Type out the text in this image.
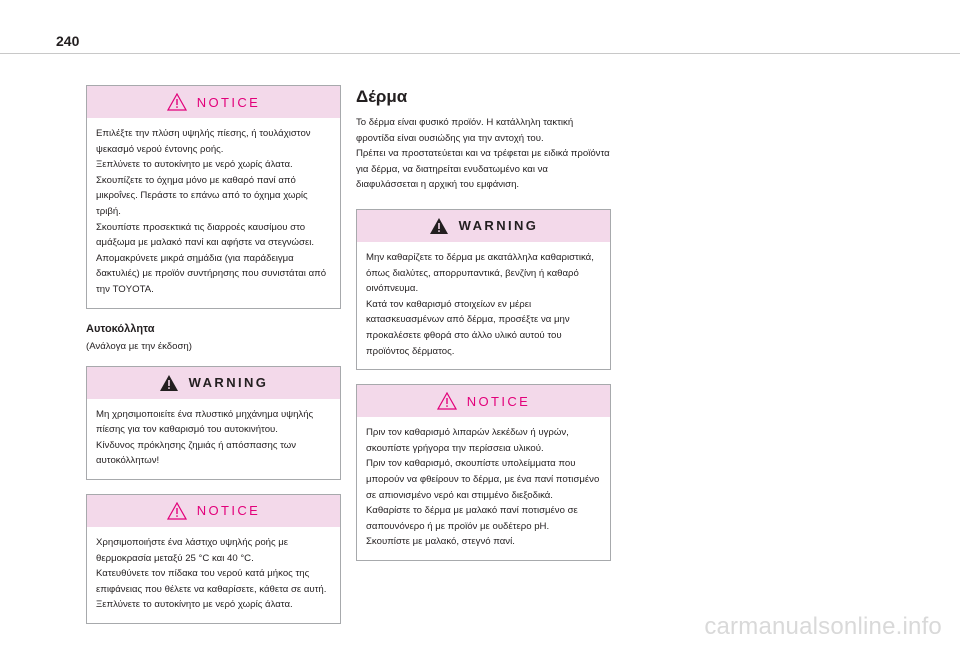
240
NOTICE

Επιλέξτε την πλύση υψηλής πίεσης, ή τουλάχιστον ψεκασμό νερού έντονης ροής.

Ξεπλύνετε το αυτοκίνητο με νερό χωρίς άλατα.

Σκουπίζετε το όχημα μόνο με καθαρό πανί από μικροΐνες. Περάστε το επάνω από το όχημα χωρίς τριβή.

Σκουπίστε προσεκτικά τις διαρροές καυσίμου στο αμάξωμα με μαλακό πανί και αφήστε να στεγνώσει.

Απομακρύνετε μικρά σημάδια (για παράδειγμα δακτυλιές) με προϊόν συντήρησης που συνιστάται από την TOYOTA.

Αυτοκόλλητα
(Ανάλογα με την έκδοση)
WARNING

Μη χρησιμοποιείτε ένα πλυστικό μηχάνημα υψηλής πίεσης για τον καθαρισμό του αυτοκινήτου.

Κίνδυνος πρόκλησης ζημιάς ή απόσπασης των αυτοκόλλητων!

NOTICE

Χρησιμοποιήστε ένα λάστιχο υψηλής ροής με θερμοκρασία μεταξύ 25 °C και 40 °C.

Κατευθύνετε τον πίδακα του νερού κατά μήκος της επιφάνειας που θέλετε να καθαρίσετε, κάθετα σε αυτή.

Ξεπλύνετε το αυτοκίνητο με νερό χωρίς άλατα.

Δέρμα

Το δέρμα είναι φυσικό προϊόν. Η κατάλληλη τακτική φροντίδα είναι ουσιώδης για την αντοχή του.

Πρέπει να προστατεύεται και να τρέφεται με ειδικά προϊόντα για δέρμα, να διατηρείται ενυδατωμένο και να διαφυλάσσεται η αρχική του εμφάνιση.

WARNING

Μην καθαρίζετε το δέρμα με ακατάλληλα καθαριστικά, όπως διαλύτες, απορρυπαντικά, βενζίνη ή καθαρό οινόπνευμα.

Κατά τον καθαρισμό στοιχείων εν μέρει κατασκευασμένων από δέρμα, προσέξτε να μην προκαλέσετε φθορά στο άλλο υλικό αυτού του προϊόντος δέρματος.

NOTICE

Πριν τον καθαρισμό λιπαρών λεκέδων ή υγρών, σκουπίστε γρήγορα την περίσσεια υλικού.

Πριν τον καθαρισμό, σκουπίστε υπολείμματα που μπορούν να φθείρουν το δέρμα, με ένα πανί ποτισμένο σε απιονισμένο νερό και στιμμένο διεξοδικά.

Καθαρίστε το δέρμα με μαλακό πανί ποτισμένο σε σαπουνόνερο ή με προϊόν με ουδέτερο pH.

Σκουπίστε με μαλακό, στεγνό πανί.

carmanualsonline.info
